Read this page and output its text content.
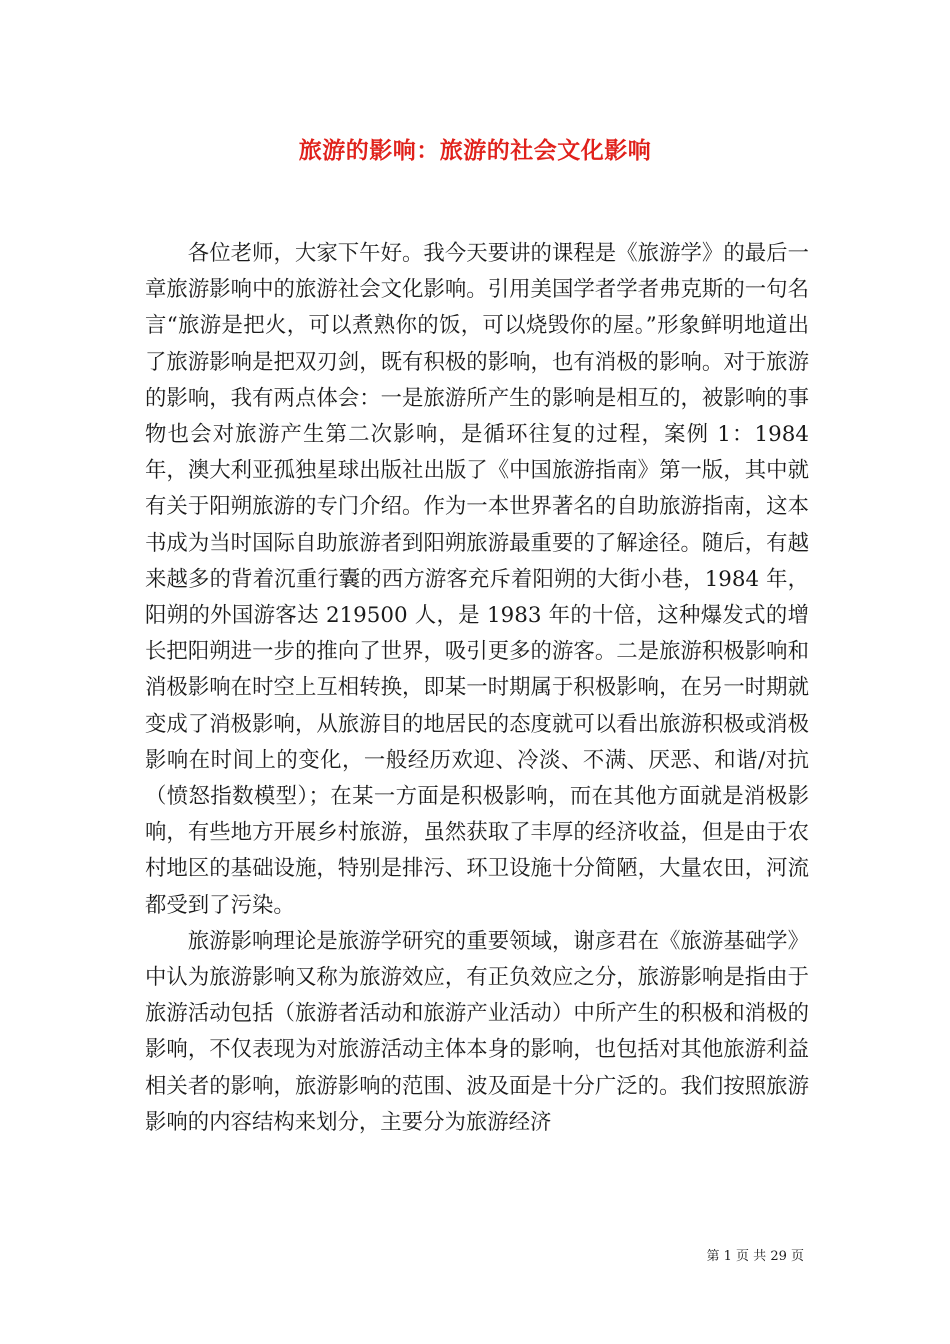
旅游的影响：旅游的社会文化影响

各位老师，大家下午好。我今天要讲的课程是《旅游学》的最后一章旅游影响中的旅游社会文化影响。引用美国学者学者弗克斯的一句名言“旅游是把火，可以煮熟你的饭，可以烧毁你的屋。”形象鲜明地道出了旅游影响是把双刃剑，既有积极的影响，也有消极的影响。对于旅游的影响，我有两点体会：一是旅游所产生的影响是相互的，被影响的事物也会对旅游产生第二次影响，是循环往复的过程，案例 1：1984 年，澳大利亚孤独星球出版社出版了《中国旅游指南》第一版，其中就有关于阳朔旅游的专门介绍。作为一本世界著名的自助旅游指南，这本书成为当时国际自助旅游者到阳朔旅游最重要的了解途径。随后，有越来越多的背着沉重行囊的西方游客充斥着阳朔的大街小巷，1984 年，阳朔的外国游客达 219500 人，是 1983 年的十倍，这种爆发式的增长把阳朔进一步的推向了世界，吸引更多的游客。二是旅游积极影响和消极影响在时空上互相转换，即某一时期属于积极影响，在另一时期就变成了消极影响，从旅游目的地居民的态度就可以看出旅游积极或消极影响在时间上的变化，一般经历欢迎、冷淡、不满、厌恶、和谐/对抗（愤怒指数模型）；在某一方面是积极影响，而在其他方面就是消极影响，有些地方开展乡村旅游，虽然获取了丰厚的经济收益，但是由于农村地区的基础设施，特别是排污、环卫设施十分简陋，大量农田，河流都受到了污染。

旅游影响理论是旅游学研究的重要领域，谢彦君在《旅游基础学》中认为旅游影响又称为旅游效应，有正负效应之分，旅游影响是指由于旅游活动包括（旅游者活动和旅游产业活动）中所产生的积极和消极的影响，不仅表现为对旅游活动主体本身的影响，也包括对其他旅游利益相关者的影响，旅游影响的范围、波及面是十分广泛的。我们按照旅游影响的内容结构来划分，主要分为旅游经济

第 1 页 共 29 页
